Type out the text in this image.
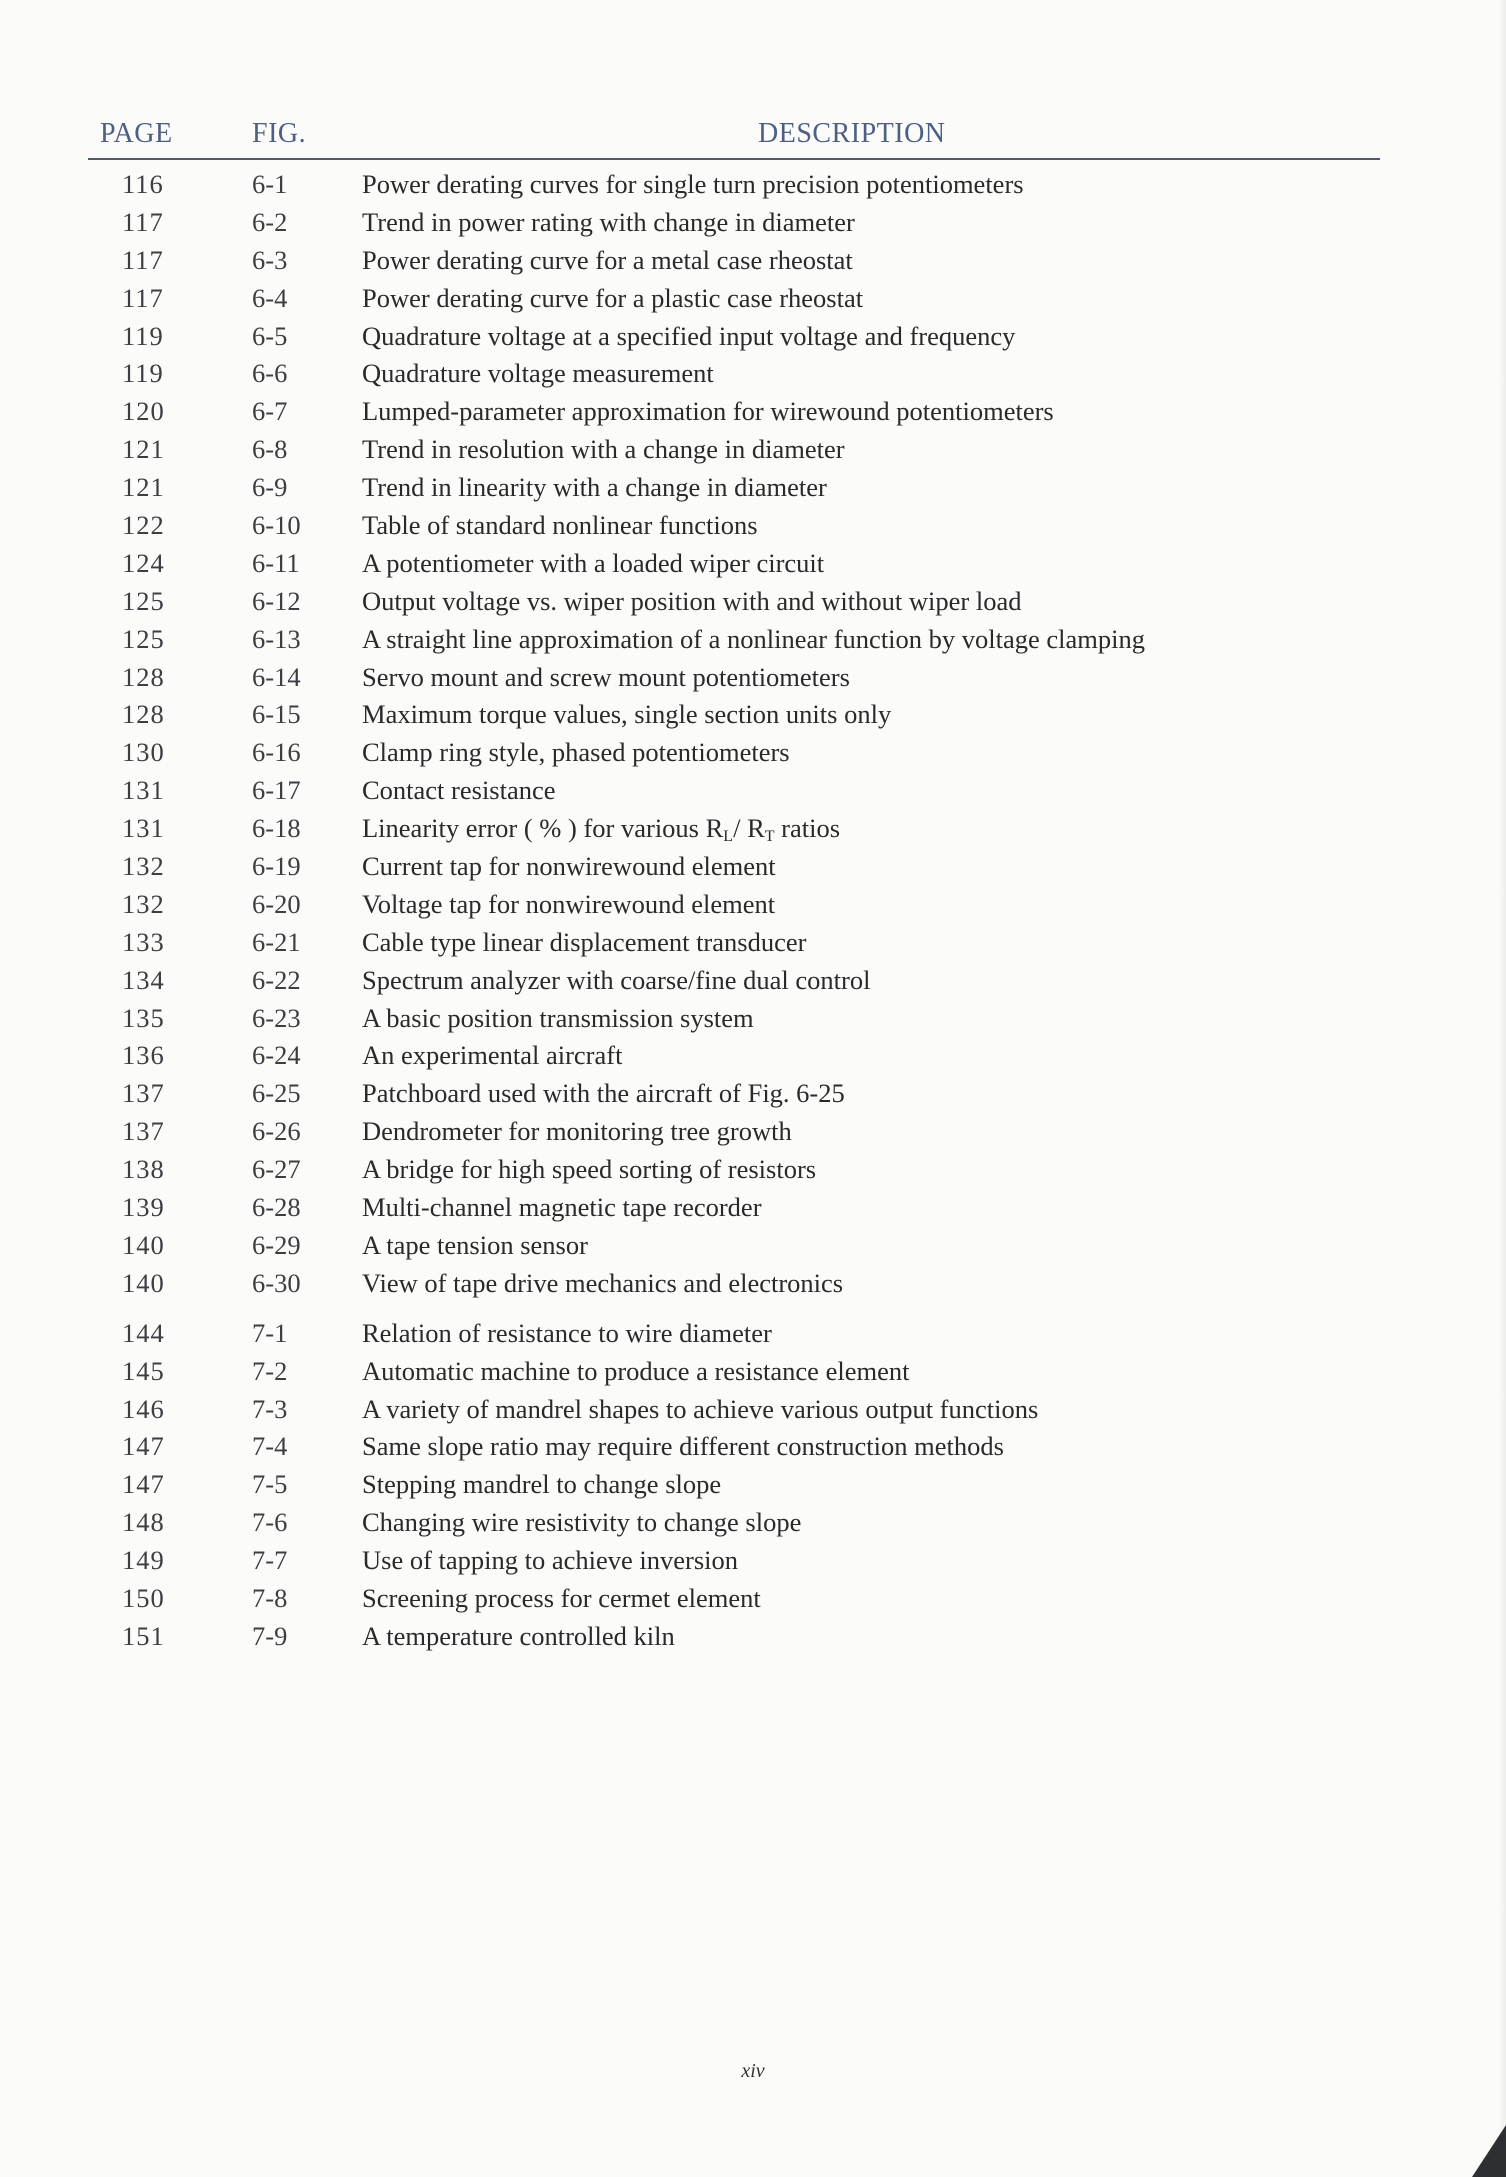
PAGE	FIG.	DESCRIPTION
116	6-1	Power derating curves for single turn precision potentiometers
117	6-2	Trend in power rating with change in diameter
117	6-3	Power derating curve for a metal case rheostat
117	6-4	Power derating curve for a plastic case rheostat
119	6-5	Quadrature voltage at a specified input voltage and frequency
119	6-6	Quadrature voltage measurement
120	6-7	Lumped-parameter approximation for wirewound potentiometers
121	6-8	Trend in resolution with a change in diameter
121	6-9	Trend in linearity with a change in diameter
122	6-10	Table of standard nonlinear functions
124	6-11	A potentiometer with a loaded wiper circuit
125	6-12	Output voltage vs. wiper position with and without wiper load
125	6-13	A straight line approximation of a nonlinear function by voltage clamping
128	6-14	Servo mount and screw mount potentiometers
128	6-15	Maximum torque values, single section units only
130	6-16	Clamp ring style, phased potentiometers
131	6-17	Contact resistance
131	6-18	Linearity error ( % ) for various $R_L/$ $R_T$ ratios
132	6-19	Current tap for nonwirewound element
132	6-20	Voltage tap for nonwirewound element
133	6-21	Cable type linear displacement transducer
134	6-22	Spectrum analyzer with coarse/fine dual control
135	6-23	A basic position transmission system
136	6-24	An experimental aircraft
137	6-25	Patchboard used with the aircraft of Fig. 6-25
137	6-26	Dendrometer for monitoring tree growth
138	6-27	A bridge for high speed sorting of resistors
139	6-28	Multi-channel magnetic tape recorder
140	6-29	A tape tension sensor
140	6-30	View of tape drive mechanics and electronics
144	7-1	Relation of resistance to wire diameter
145	7-2	Automatic machine to produce a resistance element
146	7-3	A variety of mandrel shapes to achieve various output functions
147	7-4	Same slope ratio may require different construction methods
147	7-5	Stepping mandrel to change slope
148	7-6	Changing wire resistivity to change slope
149	7-7	Use of tapping to achieve inversion
150	7-8	Screening process for cermet element
151	7-9	A temperature controlled kiln
xiv
